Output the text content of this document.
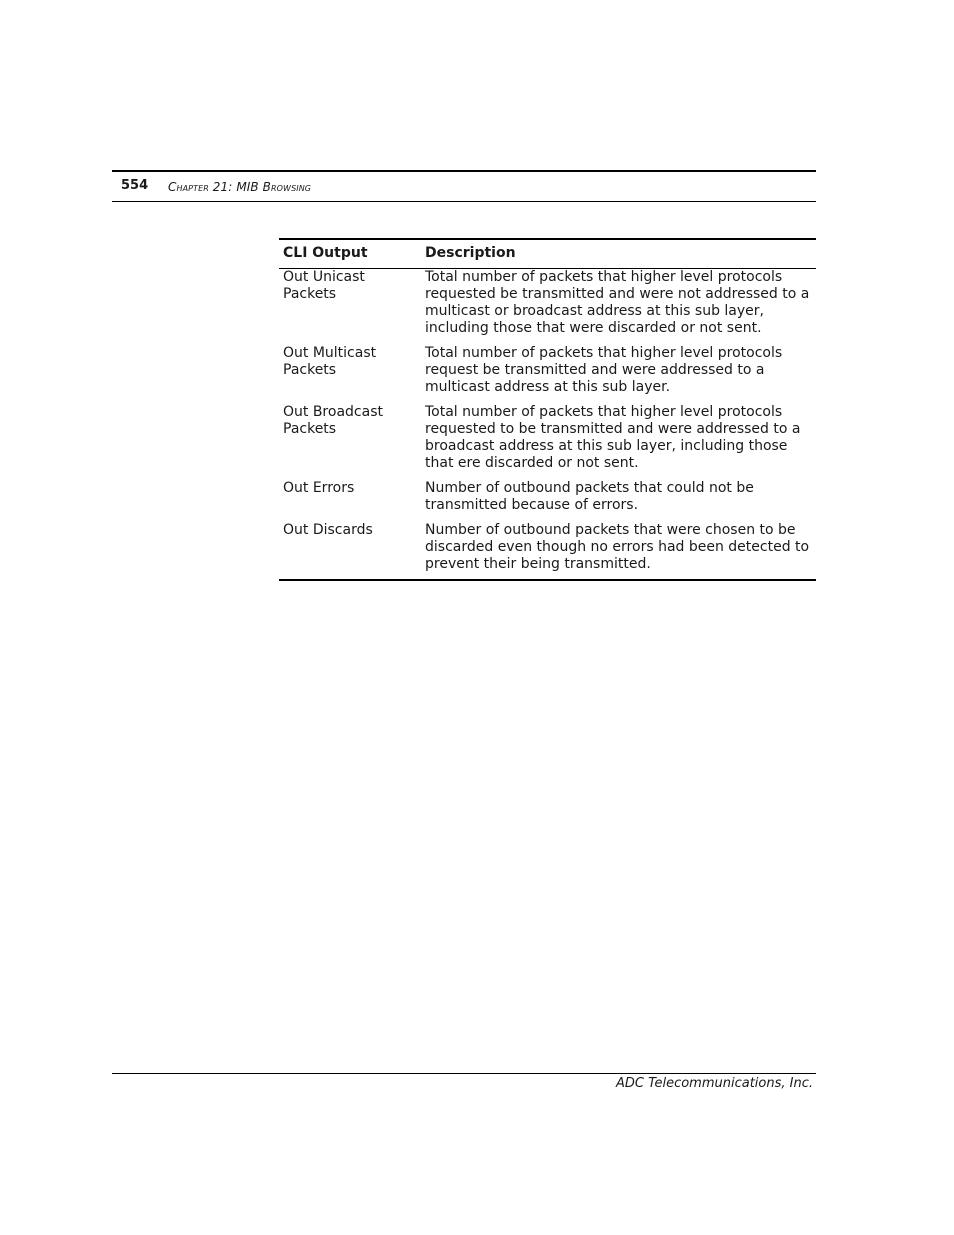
554 Chapter 21: MIB Browsing
CLI Output	Description
Out Unicast Packets	Total number of packets that higher level protocols requested be transmitted and were not addressed to a multicast or broadcast address at this sub layer, including those that were discarded or not sent.
Out Multicast Packets	Total number of packets that higher level protocols request be transmitted and were addressed to a multicast address at this sub layer.
Out Broadcast Packets	Total number of packets that higher level protocols requested to be transmitted and were addressed to a broadcast address at this sub layer, including those that ere discarded or not sent.
Out Errors	Number of outbound packets that could not be transmitted because of errors.
Out Discards	Number of outbound packets that were chosen to be discarded even though no errors had been detected to prevent their being transmitted.
ADC Telecommunications, Inc.
